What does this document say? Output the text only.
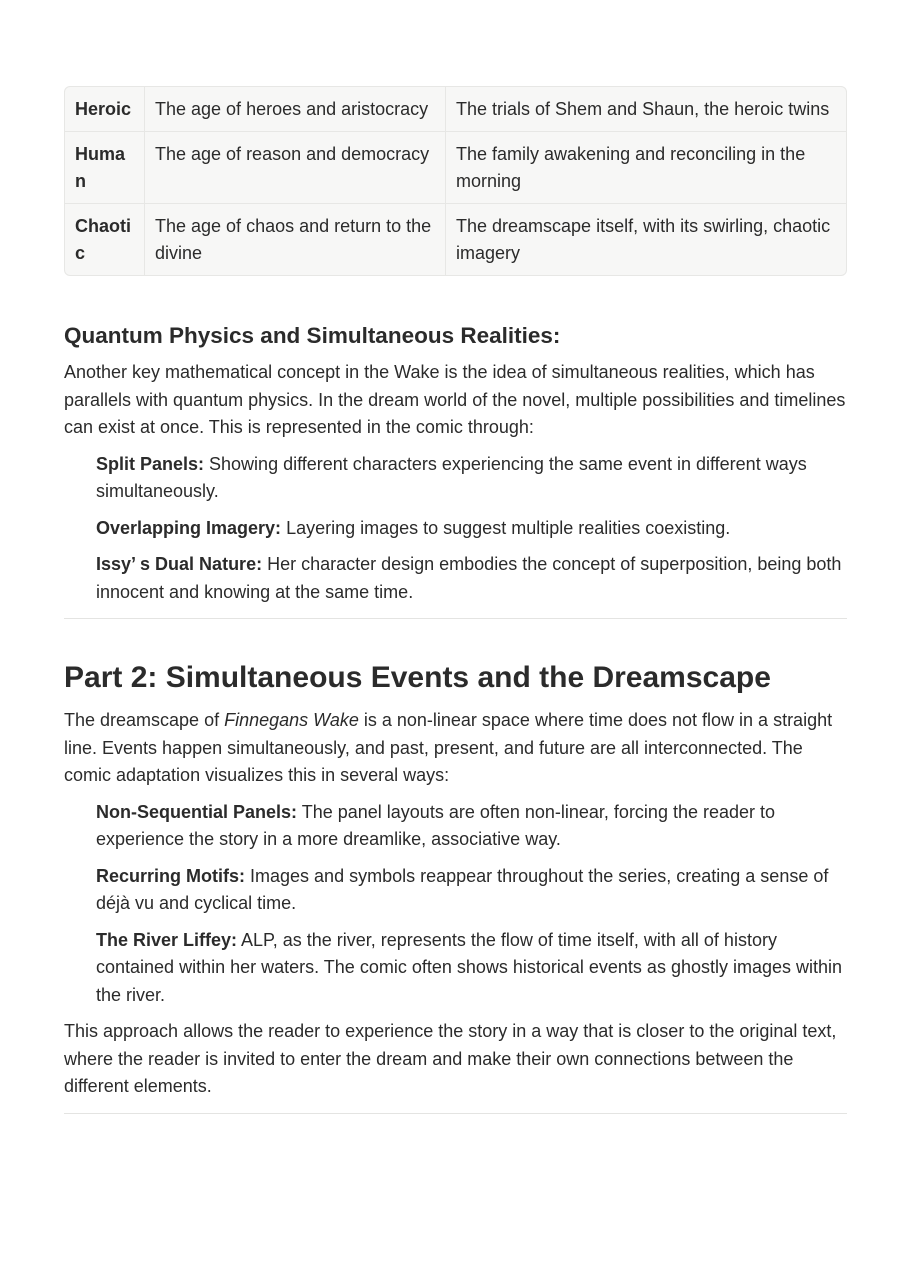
Heroic	The age of heroes and aristocracy	The trials of Shem and Shaun, the heroic twins
Human	The age of reason and democracy	The family awakening and reconciling in the morning
Chaotic	The age of chaos and return to the divine	The dreamscape itself, with its swirling, chaotic imagery
Quantum Physics and Simultaneous Realities:

Another key mathematical concept in the Wake is the idea of simultaneous realities, which has parallels with quantum physics. In the dream world of the novel, multiple possibilities and timelines can exist at once. This is represented in the comic through:

Split Panels: Showing different characters experiencing the same event in different ways simultaneously.
Overlapping Imagery: Layering images to suggest multiple realities coexisting.
Issy’ s Dual Nature: Her character design embodies the concept of superposition, being both innocent and knowing at the same time.
Part 2: Simultaneous Events and the Dreamscape

The dreamscape of Finnegans Wake is a non-linear space where time does not flow in a straight line. Events happen simultaneously, and past, present, and future are all interconnected. The comic adaptation visualizes this in several ways:

Non-Sequential Panels: The panel layouts are often non-linear, forcing the reader to experience the story in a more dreamlike, associative way.
Recurring Motifs: Images and symbols reappear throughout the series, creating a sense of déjà vu and cyclical time.
The River Liffey: ALP, as the river, represents the flow of time itself, with all of history contained within her waters. The comic often shows historical events as ghostly images within the river.

This approach allows the reader to experience the story in a way that is closer to the original text, where the reader is invited to enter the dream and make their own connections between the different elements.
